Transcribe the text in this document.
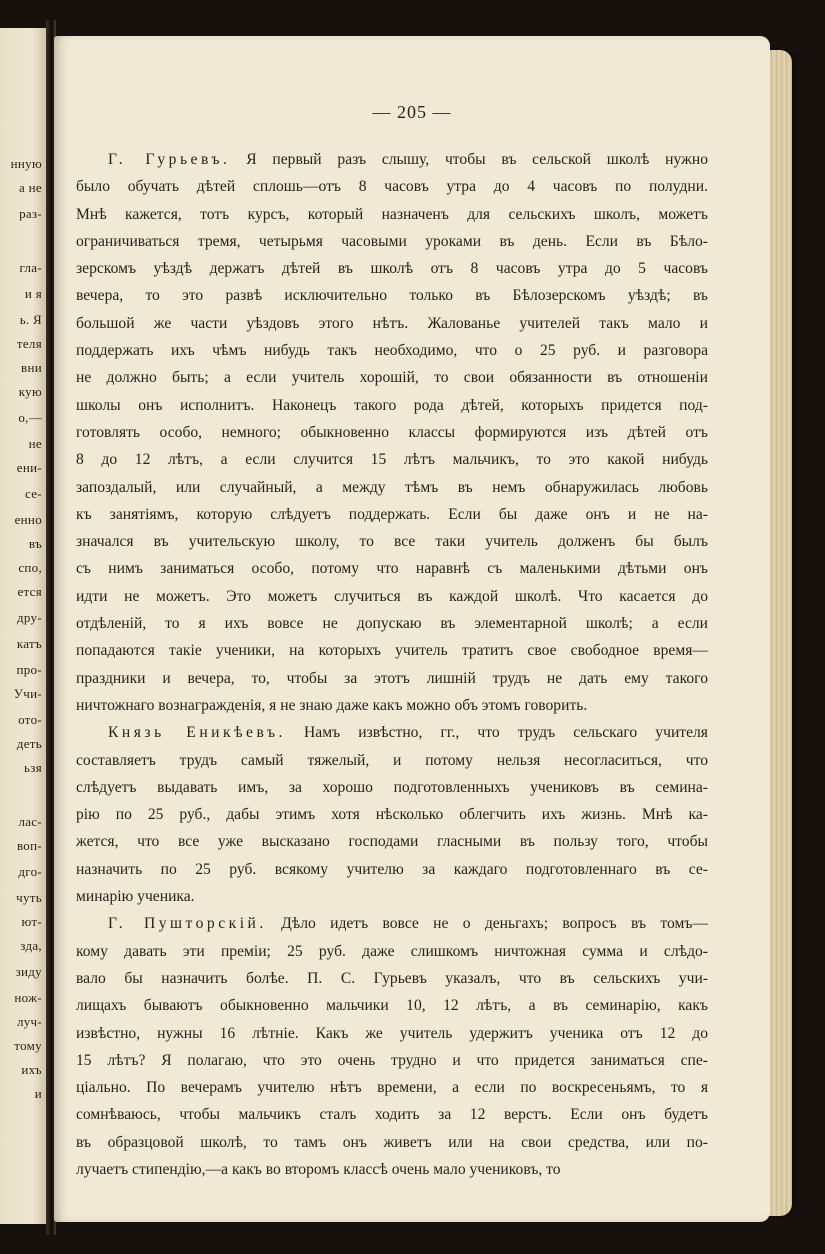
нную
а не
раз-
гла-
и я
ь. Я
теля
вни
кую
о,—
не
ени-
се-
енно
въ
спо,
ется
дру-
катъ
про-
Учи-
ото-
деть
ьзя
лас-
воп-
дго-
чуть
ют-
зда,
зиду
нож-
луч-
тому
ихъ
и
— 205 —
Г. Гурьевъ. Я первый разъ слышу, чтобы въ сельской школѣ нужно
было обучать дѣтей сплошь—отъ 8 часовъ утра до 4 часовъ по полудни.
Мнѣ кажется, тотъ курсъ, который назначенъ для сельскихъ школъ, можетъ
ограничиваться тремя, четырьмя часовыми уроками въ день. Если въ Бѣло-
зерскомъ уѣздѣ держатъ дѣтей въ школѣ отъ 8 часовъ утра до 5 часовъ
вечера, то это развѣ исключительно только въ Бѣлозерскомъ уѣздѣ; въ
большой же части уѣздовъ этого нѣтъ. Жалованье учителей такъ мало и
поддержать ихъ чѣмъ нибудь такъ необходимо, что о 25 руб. и разговора
не должно быть; а если учитель хорошій, то свои обязанности въ отношеніи
школы онъ исполнитъ. Наконецъ такого рода дѣтей, которыхъ придется под-
готовлять особо, немного; обыкновенно классы формируются изъ дѣтей отъ
8 до 12 лѣтъ, а если случится 15 лѣтъ мальчикъ, то это какой нибудь
запоздалый, или случайный, а между тѣмъ въ немъ обнаружилась любовь
къ занятіямъ, которую слѣдуетъ поддержать. Если бы даже онъ и не на-
значался въ учительскую школу, то все таки учитель долженъ бы былъ
съ нимъ заниматься особо, потому что наравнѣ съ маленькими дѣтьми онъ
идти не можетъ. Это можетъ случиться въ каждой школѣ. Что касается до
отдѣленій, то я ихъ вовсе не допускаю въ элементарной школѣ; а если
попадаются такіе ученики, на которыхъ учитель тратитъ свое свободное время—
праздники и вечера, то, чтобы за этотъ лишній трудъ не дать ему такого
ничтожнаго вознагражденія, я не знаю даже какъ можно объ этомъ говорить.
Князь Еникѣевъ. Намъ извѣстно, гг., что трудъ сельскаго учителя
составляетъ трудъ самый тяжелый, и потому нельзя несогласиться, что
слѣдуетъ выдавать имъ, за хорошо подготовленныхъ учениковъ въ семина-
рію по 25 руб., дабы этимъ хотя нѣсколько облегчить ихъ жизнь. Мнѣ ка-
жется, что все уже высказано господами гласными въ пользу того, чтобы
назначить по 25 руб. всякому учителю за каждаго подготовленнаго въ се-
минарію ученика.
Г. Пушторскій. Дѣло идетъ вовсе не о деньгахъ; вопросъ въ томъ—
кому давать эти преміи; 25 руб. даже слишкомъ ничтожная сумма и слѣдо-
вало бы назначить болѣе. П. С. Гурьевъ указалъ, что въ сельскихъ учи-
лищахъ бываютъ обыкновенно мальчики 10, 12 лѣтъ, а въ семинарію, какъ
извѣстно, нужны 16 лѣтніе. Какъ же учитель удержитъ ученика отъ 12 до
15 лѣтъ? Я полагаю, что это очень трудно и что придется заниматься спе-
ціально. По вечерамъ учителю нѣтъ времени, а если по воскресеньямъ, то я
сомнѣваюсь, чтобы мальчикъ сталъ ходить за 12 верстъ. Если онъ будетъ
въ образцовой школѣ, то тамъ онъ живетъ или на свои средства, или по-
лучаетъ стипендію,—а какъ во второмъ классѣ очень мало учениковъ, то
